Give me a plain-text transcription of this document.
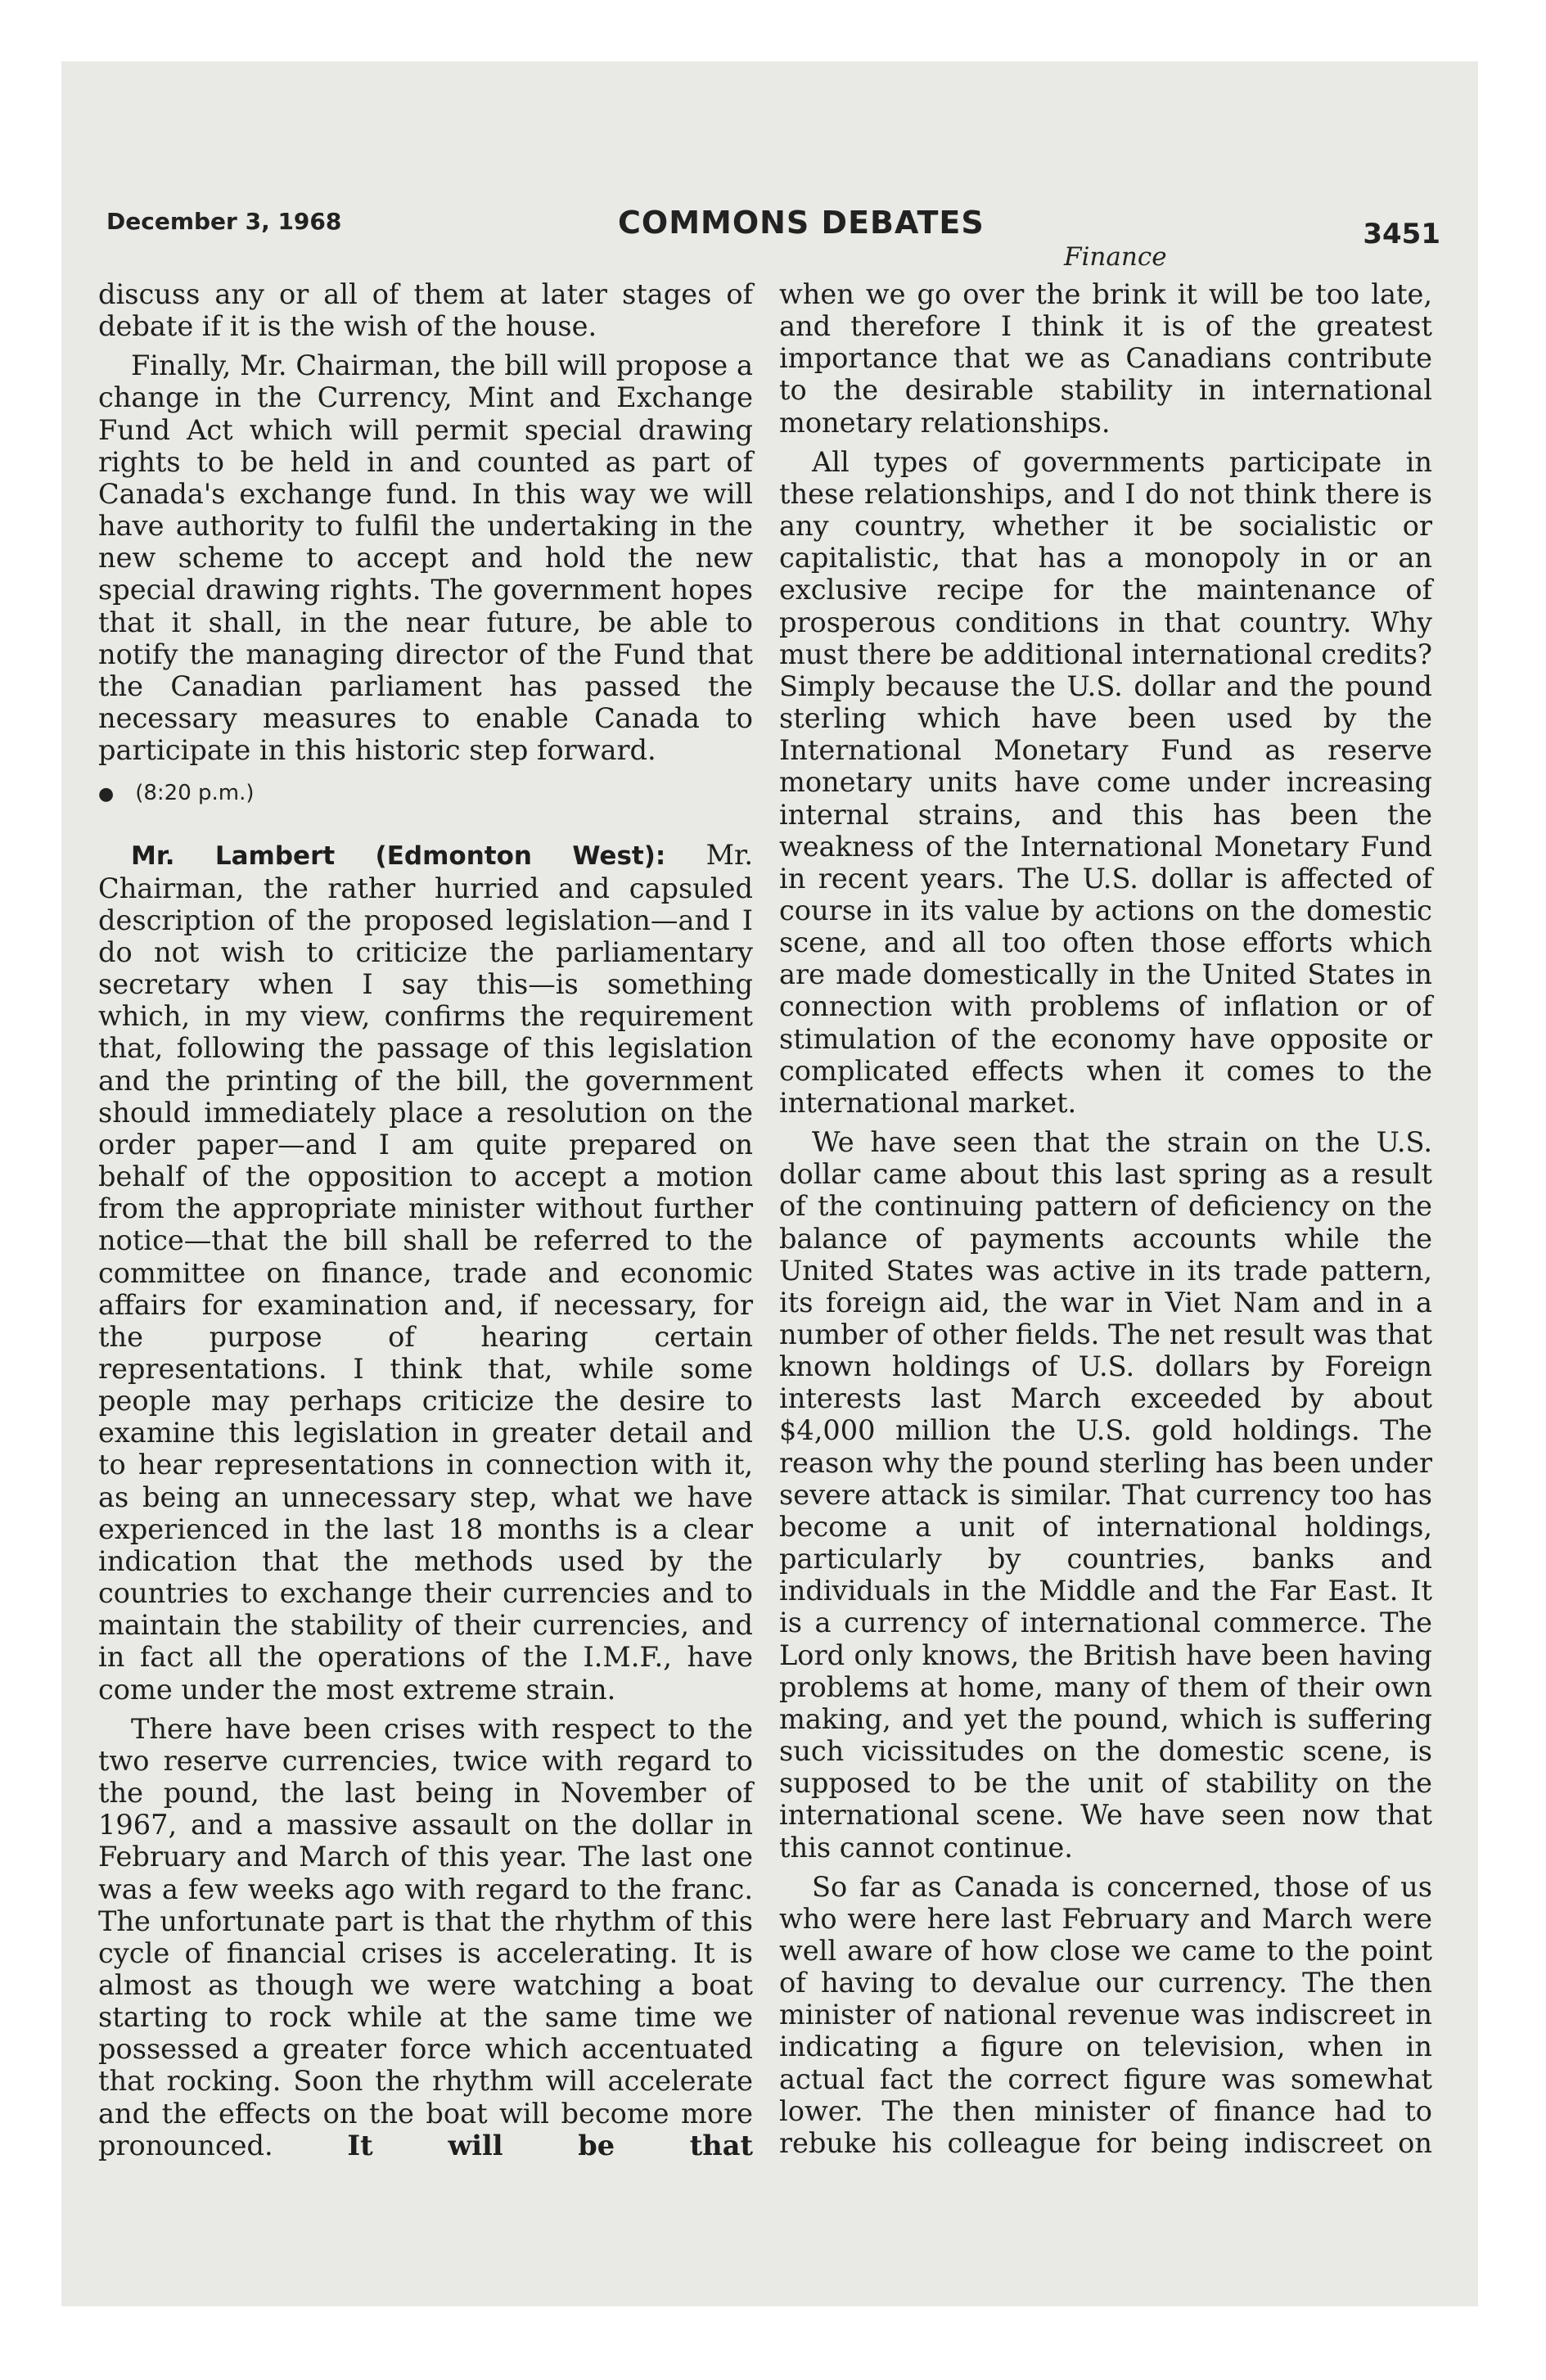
December 3, 1968	COMMONS DEBATES	3451
Finance

discuss any or all of them at later stages of debate if it is the wish of the house.

Finally, Mr. Chairman, the bill will propose a change in the Currency, Mint and Exchange Fund Act which will permit special drawing rights to be held in and counted as part of Canada's exchange fund. In this way we will have authority to fulfil the undertaking in the new scheme to accept and hold the new special drawing rights. The government hopes that it shall, in the near future, be able to notify the managing director of the Fund that the Canadian parliament has passed the necessary measures to enable Canada to participate in this historic step forward.

● (8:20 p.m.)

Mr. Lambert (Edmonton West): Mr. Chairman, the rather hurried and capsuled description of the proposed legislation—and I do not wish to criticize the parliamentary secretary when I say this—is something which, in my view, confirms the requirement that, following the passage of this legislation and the printing of the bill, the government should immediately place a resolution on the order paper—and I am quite prepared on behalf of the opposition to accept a motion from the appropriate minister without further notice—that the bill shall be referred to the committee on finance, trade and economic affairs for examination and, if necessary, for the purpose of hearing certain representations. I think that, while some people may perhaps criticize the desire to examine this legislation in greater detail and to hear representations in connection with it, as being an unnecessary step, what we have experienced in the last 18 months is a clear indication that the methods used by the countries to exchange their currencies and to maintain the stability of their currencies, and in fact all the operations of the I.M.F., have come under the most extreme strain.

There have been crises with respect to the two reserve currencies, twice with regard to the pound, the last being in November of 1967, and a massive assault on the dollar in February and March of this year. The last one was a few weeks ago with regard to the franc. The unfortunate part is that the rhythm of this cycle of financial crises is accelerating. It is almost as though we were watching a boat starting to rock while at the same time we possessed a greater force which accentuated that rocking. Soon the rhythm will accelerate and the effects on the boat will become more pronounced.	It will be that

when we go over the brink it will be too late, and therefore I think it is of the greatest importance that we as Canadians contribute to the desirable stability in international monetary relationships.

All types of governments participate in these relationships, and I do not think there is any country, whether it be socialistic or capitalistic, that has a monopoly in or an exclusive recipe for the maintenance of prosperous conditions in that country. Why must there be additional international credits? Simply because the U.S. dollar and the pound sterling which have been used by the International Monetary Fund as reserve monetary units have come under increasing internal strains, and this has been the weakness of the International Monetary Fund in recent years. The U.S. dollar is affected of course in its value by actions on the domestic scene, and all too often those efforts which are made domestically in the United States in connection with problems of inflation or of stimulation of the economy have opposite or complicated effects when it comes to the international market.

We have seen that the strain on the U.S. dollar came about this last spring as a result of the continuing pattern of deficiency on the balance of payments accounts while the United States was active in its trade pattern, its foreign aid, the war in Viet Nam and in a number of other fields. The net result was that known holdings of U.S. dollars by Foreign interests last March exceeded by about $4,000 million the U.S. gold holdings. The reason why the pound sterling has been under severe attack is similar. That currency too has become a unit of international holdings, particularly by countries, banks and individuals in the Middle and the Far East. It is a currency of international commerce. The Lord only knows, the British have been having problems at home, many of them of their own making, and yet the pound, which is suffering such vicissitudes on the domestic scene, is supposed to be the unit of stability on the international scene. We have seen now that this cannot continue.

So far as Canada is concerned, those of us who were here last February and March were well aware of how close we came to the point of having to devalue our currency. The then minister of national revenue was indiscreet in indicating a figure on television, when in actual fact the correct figure was somewhat lower. The then minister of finance had to rebuke his colleague for being indiscreet on
